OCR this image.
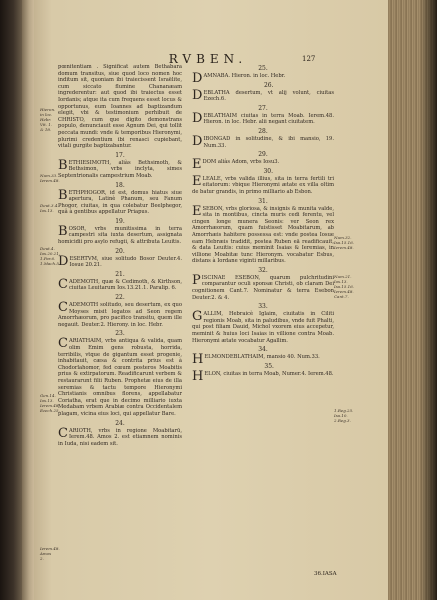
RVBEN.	127
pœnitentiam . Significat autem Bethabara domum transitus, siue quod loco nomen hoc inditum sit, quoniam ibi traiecissent Israëlite, cum siccato flumine Chananæam ingrederentur: aut quod ibi traiectus esset Iordanis; atque ita cum frequens esset locus & opportunus, eum Ioannes ad baptizandum elegit, vbi & testimonium perhibuit de CHRISTO, cum que digito demonstrans populo, denunciauit esse Agnum Dei, qui tollit peccata mundi: vnde & temporibus Hieronymi, plurimi credentium ibi renasci cupiebant, vitali gurgite baptizabantur.
17.
BETHIESIMOTH, aliàs Bethsimoth, & Bethsimon, vrbs inclyta, simes Septentrionalis campestrium Moab.
18.
BETHPHOGOR, id est, domus hiatus siue apertura, Latinè Phanum, seu Fanum Phogor, ciuitas, in qua colebatur Beelphegor, quâ à gentibus appellatur Priapus.
19.
BOSOR, vrbs munitissima in terra campestri sita iuxta desertum, assignata homicidii pro asylo refugii, & attributa Leuitis.
20.
DESERTVM, siue solitudo Bosor Deuter.4. Iosue 20.21.
21.
CADEMOTH, quæ & Cedimoth, & Kirthson, ciuitas Leuitarum Ios.13.21.1. Paralip. 6.
22.
CADEMOTH solitudo, seu desertum, ex quo Moyses misit legatos ad Seon regem Amorrhæorum, pro pacifico transitu, quem ille negauit. Deuter.2. Hierony. in loc. Hebr.
23.
CARIATHAIM, vrbs antiqua & valida, quam olim Emim gens robusta, horrida, terribilis, vtque de gigantum esset progenie, inhabitauit, cæsa & contrita prius est à Chodorlahomor, fed cœum posteros Moabitis prius & extirpatorum. Readificarunt verbem & restaurarunt filii Ruben. Prophetæ eius de illa seremias & tactu tempore Hieronymi Christianis omnibus florens, appellabatur Coriatha, erat que in decimo milliario iuxta Medabam vrbem Arabiæ contra Occidentalem plagam, vicina eius loci, qui appellatur Bare.
24.
CARIOTH, vrbs in regione Moabitarū, Ierem.48. Amos 2. est etiamnem nominis in Iuda, nisi eadem sit.
25.
DAMNABA. Hieron. in loc. Hebr.
26.
DEBLATHA desertum, vt alij volunt, ciuitas Ezech.6.
27.
DEBLATHAIM ciuitas in terra Moab. Ierem.48. Hieron. in loc. Hebr. alii negant ciuitatem.
28.
DIBONGAD in solitudine, & ibi mansio, 19. Num.33.
29.
EDOM aliàs Adom, vrbs Iosu3.
30.
ELEALE, vrbs valida illius, sita in terra fertili tri eitatorum: vbique Hieronymi ætate ex villa oltim de batur grandis, in primo milliario ab Esbon.
31.
ESEBON, vrbs gloriosa, & insignis & munita valde, sita in montibus, cincta muris cedi ferentu, vel cingen longe munera Seonis: ver Seon rex Amorrhæorum, quam fuistisset Moabitarum, ab Amorrhæis habitere possessa est: vnde postea Iosue eam Hebræis tradidit, postea Ruben eā readificauit, & data Leuitis: cuius meminit Isaias & Ieremias, in villione Moabitæ tunc Hieronym. vocabatur Esbus, distans à Iordane viginti millaribus.
32.
PISCINAE ESEBON, quarum pulchritudini comparantur oculi sponsæ Christi, ob claram Dei cognitionem Cant.7. Nominatur & terra Esebon Deuter.2. & 4.
33.
GALLIM, Hebraicè Iglaim, ciuitatis in Ciliti regionis Moab, sita in paludibus, vnde fuit Phalti, qui post filiam Dauid, Michol vxorem eius accepetur, meminit & huius loci Isaias in villione contra Moab. Hieronymi ætate vocabatur Agallim.
34.
HELMONDEBLATHAIM, mansio 40. Num.33.
35.
HELON, ciuitas in terra Moab, Numer.4. Ierem.48.
Hieron. in loc. Hebr. Vit. 1. & 18.
Num.33. Ierem.48.
Deut.3.4. Ios.13.
Deut.4. Ios.20.21. 1.Par.6. 1.Mach.5.
Gen.14. Ios.13. Ierem.48. Ezech.25.
Ierem.48. Amos 2.
Num.32. Isa.15.16. Ierem.48.
Num.21. Ios.13. Isa.15.16. Ierem.48. Cant.7.
1.Reg.25. Isa.10. 2.Reg.3.
36.IASA
